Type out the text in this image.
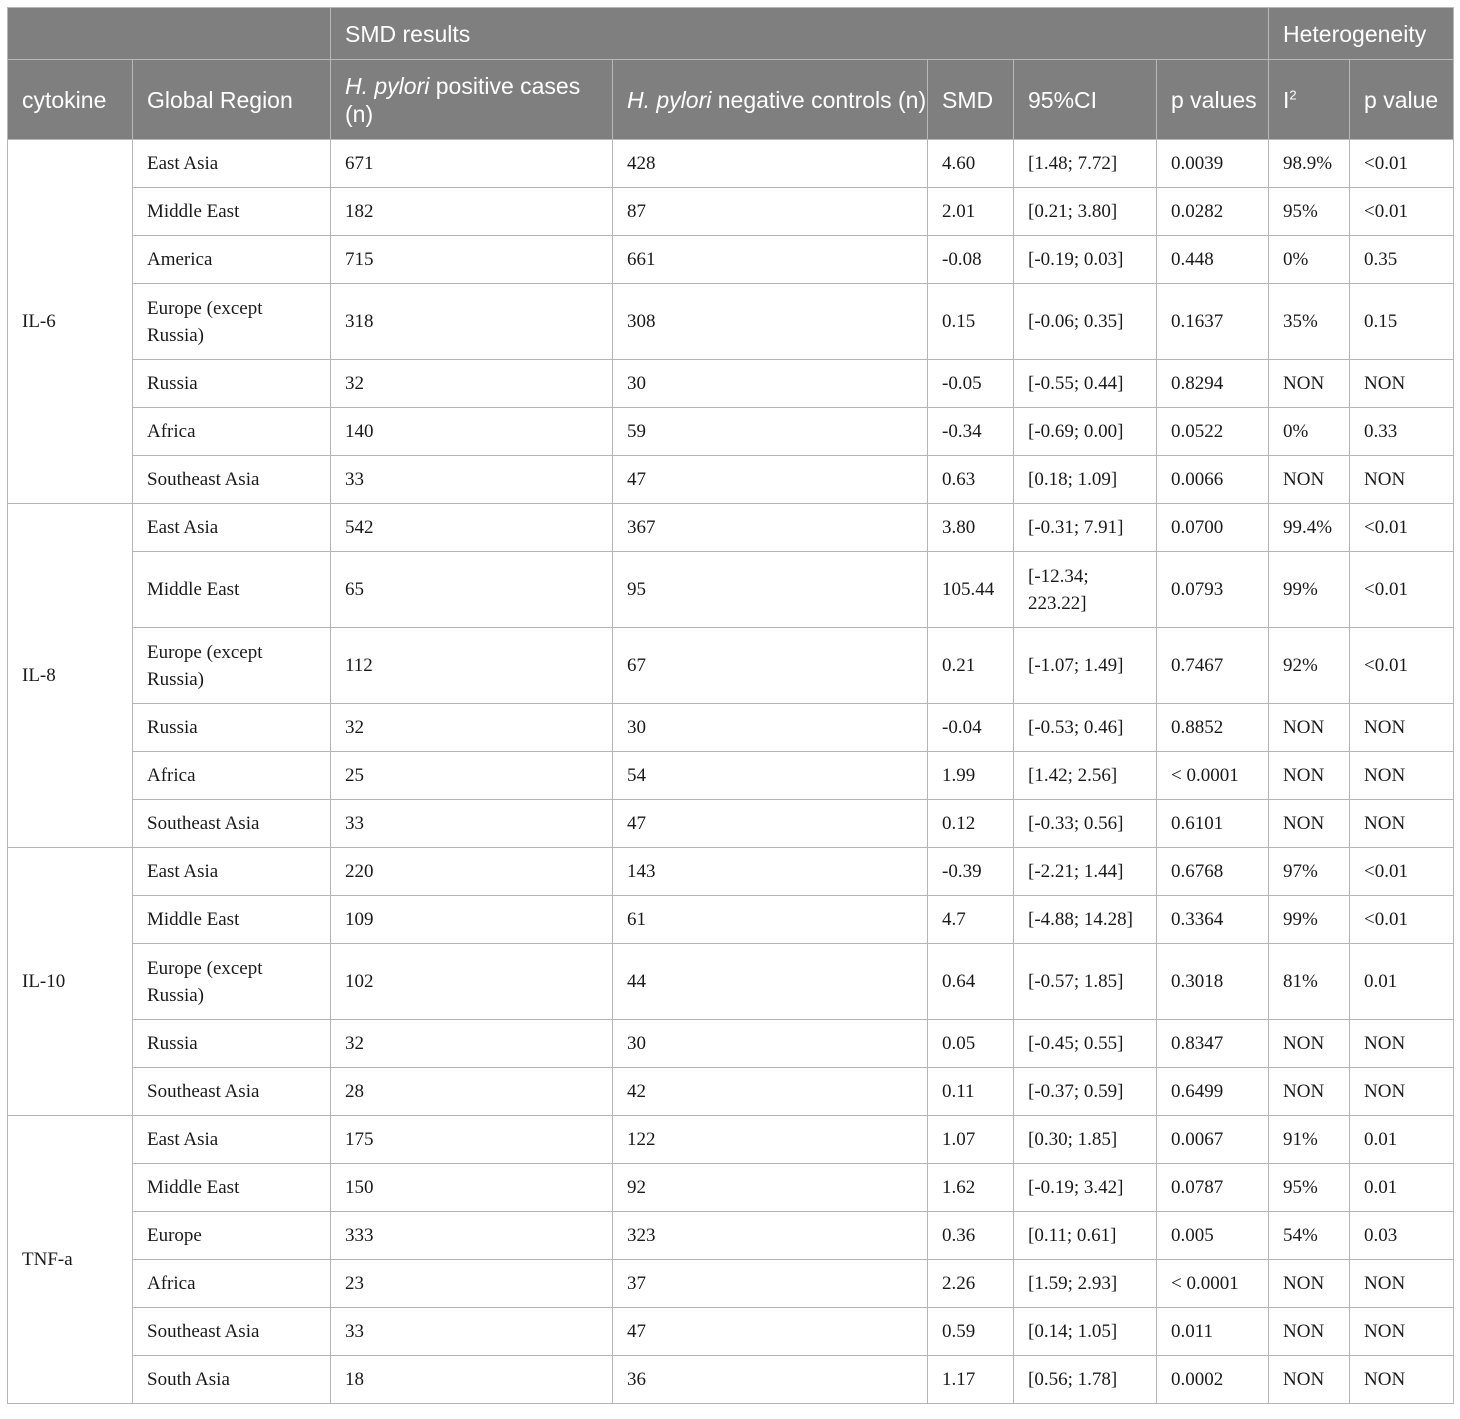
		SMD results					Heterogeneity	
cytokine	Global Region	H. pylori positive cases (n)	H. pylori negative controls (n)	SMD	95%CI	p values	$I^2$	p value
IL-6	East Asia	671	428	4.60	[1.48; 7.72]	0.0039	98.9%	<0.01
	Middle East	182	87	2.01	[0.21; 3.80]	0.0282	95%	<0.01
	America	715	661	-0.08	[-0.19; 0.03]	0.448	0%	0.35
	Europe (except Russia)	318	308	0.15	[-0.06; 0.35]	0.1637	35%	0.15
	Russia	32	30	-0.05	[-0.55; 0.44]	0.8294	NON	NON
	Africa	140	59	-0.34	[-0.69; 0.00]	0.0522	0%	0.33
	Southeast Asia	33	47	0.63	[0.18; 1.09]	0.0066	NON	NON
IL-8	East Asia	542	367	3.80	[-0.31; 7.91]	0.0700	99.4%	<0.01
	Middle East	65	95	105.44	[-12.34; 223.22]	0.0793	99%	<0.01
	Europe (except Russia)	112	67	0.21	[-1.07; 1.49]	0.7467	92%	<0.01
	Russia	32	30	-0.04	[-0.53; 0.46]	0.8852	NON	NON
	Africa	25	54	1.99	[1.42; 2.56]	< 0.0001	NON	NON
	Southeast Asia	33	47	0.12	[-0.33; 0.56]	0.6101	NON	NON
IL-10	East Asia	220	143	-0.39	[-2.21; 1.44]	0.6768	97%	<0.01
	Middle East	109	61	4.7	[-4.88; 14.28]	0.3364	99%	<0.01
	Europe (except Russia)	102	44	0.64	[-0.57; 1.85]	0.3018	81%	0.01
	Russia	32	30	0.05	[-0.45; 0.55]	0.8347	NON	NON
	Southeast Asia	28	42	0.11	[-0.37; 0.59]	0.6499	NON	NON
TNF-a	East Asia	175	122	1.07	[0.30; 1.85]	0.0067	91%	0.01
	Middle East	150	92	1.62	[-0.19; 3.42]	0.0787	95%	0.01
	Europe	333	323	0.36	[0.11; 0.61]	0.005	54%	0.03
	Africa	23	37	2.26	[1.59; 2.93]	< 0.0001	NON	NON
	Southeast Asia	33	47	0.59	[0.14; 1.05]	0.011	NON	NON
	South Asia	18	36	1.17	[0.56; 1.78]	0.0002	NON	NON
